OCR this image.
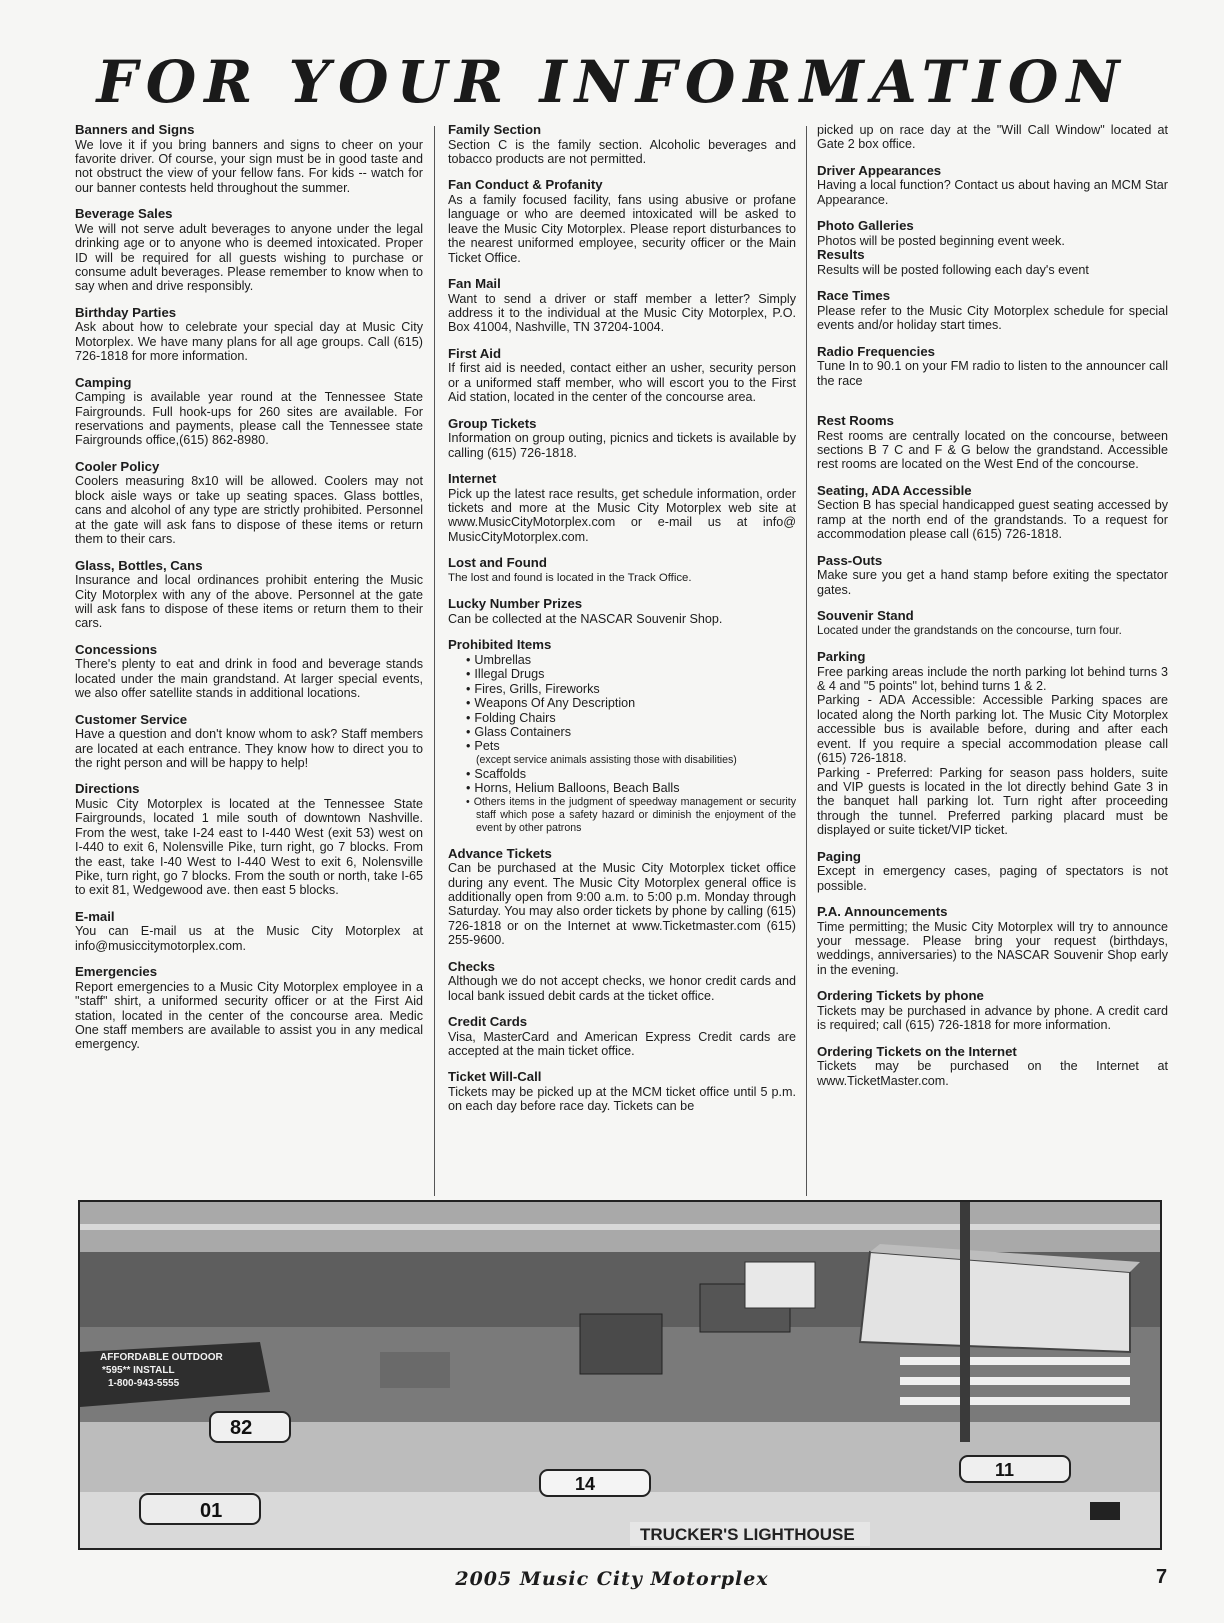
FOR YOUR INFORMATION
Banners and Signs

We love it if you bring banners and signs to cheer on your favorite driver. Of course, your sign must be in good taste and not obstruct the view of your fellow fans. For kids -- watch for our banner contests held throughout the summer.

Beverage Sales

We will not serve adult beverages to anyone under the legal drinking age or to anyone who is deemed intoxicated. Proper ID will be required for all guests wishing to purchase or consume adult beverages. Please remember to know when to say when and drive responsibly.

Birthday Parties

Ask about how to celebrate your special day at Music City Motorplex. We have many plans for all age groups. Call (615) 726-1818 for more information.

Camping

Camping is available year round at the Tennessee State Fairgrounds. Full hook-ups for 260 sites are available. For reservations and payments, please call the Tennessee state Fairgrounds office,(615) 862-8980.

Cooler Policy

Coolers measuring 8x10 will be allowed. Coolers may not block aisle ways or take up seating spaces. Glass bottles, cans and alcohol of any type are strictly prohibited. Personnel at the gate will ask fans to dispose of these items or return them to their cars.

Glass, Bottles, Cans

Insurance and local ordinances prohibit entering the Music City Motorplex with any of the above. Personnel at the gate will ask fans to dispose of these items or return them to their cars.

Concessions

There's plenty to eat and drink in food and beverage stands located under the main grandstand. At larger special events, we also offer satellite stands in additional locations.

Customer Service

Have a question and don't know whom to ask? Staff members are located at each entrance. They know how to direct you to the right person and will be happy to help!

Directions

Music City Motorplex is located at the Tennessee State Fairgrounds, located 1 mile south of downtown Nashville. From the west, take I-24 east to I-440 West (exit 53) west on I-440 to exit 6, Nolensville Pike, turn right, go 7 blocks. From the east, take I-40 West to I-440 West to exit 6, Nolensville Pike, turn right, go 7 blocks. From the south or north, take I-65 to exit 81, Wedgewood ave. then east 5 blocks.

E-mail

You can E-mail us at the Music City Motorplex at info@musiccitymotorplex.com.

Emergencies

Report emergencies to a Music City Motorplex employee in a "staff" shirt, a uniformed security officer or at the First Aid station, located in the center of the concourse area. Medic One staff members are available to assist you in any medical emergency.

Family Section

Section C is the family section. Alcoholic beverages and tobacco products are not permitted.

Fan Conduct & Profanity

As a family focused facility, fans using abusive or profane language or who are deemed intoxicated will be asked to leave the Music City Motorplex. Please report disturbances to the nearest uniformed employee, security officer or the Main Ticket Office.

Fan Mail

Want to send a driver or staff member a letter? Simply address it to the individual at the Music City Motorplex, P.O. Box 41004, Nashville, TN 37204-1004.

First Aid

If first aid is needed, contact either an usher, security person or a uniformed staff member, who will escort you to the First Aid station, located in the center of the concourse area.

Group Tickets

Information on group outing, picnics and tickets is available by calling (615) 726-1818.

Internet

Pick up the latest race results, get schedule information, order tickets and more at the Music City Motorplex web site at www.MusicCityMotorplex.com or e-mail us at info@ MusicCityMotorplex.com.

Lost and Found

The lost and found is located in the Track Office.

Lucky Number Prizes

Can be collected at the NASCAR Souvenir Shop.

Prohibited Items
• Umbrellas
• Illegal Drugs
• Fires, Grills, Fireworks
• Weapons Of Any Description
• Folding Chairs
• Glass Containers
• Pets
(except service animals assisting those with disabilities)
• Scaffolds
• Horns, Helium Balloons, Beach Balls
• Others items in the judgment of speedway management or security staff which pose a safety hazard or diminish the enjoyment of the event by other patrons
Advance Tickets

Can be purchased at the Music City Motorplex ticket office during any event. The Music City Motorplex general office is additionally open from 9:00 a.m. to 5:00 p.m. Monday through Saturday. You may also order tickets by phone by calling (615) 726-1818 or on the Internet at www.Ticketmaster.com (615) 255-9600.

Checks

Although we do not accept checks, we honor credit cards and local bank issued debit cards at the ticket office.

Credit Cards

Visa, MasterCard and American Express Credit cards are accepted at the main ticket office.

Ticket Will-Call

Tickets may be picked up at the MCM ticket office until 5 p.m. on each day before race day. Tickets can be

picked up on race day at the "Will Call Window" located at Gate 2 box office.

Driver Appearances

Having a local function? Contact us about having an MCM Star Appearance.

Photo Galleries

Photos will be posted beginning event week.

Results

Results will be posted following each day's event

Race Times

Please refer to the Music City Motorplex schedule for special events and/or holiday start times.

Radio Frequencies

Tune In to 90.1 on your FM radio to listen to the announcer call the race

Rest Rooms

Rest rooms are centrally located on the concourse, between sections B 7 C and F & G below the grandstand. Accessible rest rooms are located on the West End of the concourse.

Seating, ADA Accessible

Section B has special handicapped guest seating accessed by ramp at the north end of the grandstands. To a request for accommodation please call (615) 726-1818.

Pass-Outs

Make sure you get a hand stamp before exiting the spectator gates.

Souvenir Stand

Located under the grandstands on the concourse, turn four.

Parking

Free parking areas include the north parking lot behind turns 3 & 4 and "5 points" lot, behind turns 1 & 2.

Parking - ADA Accessible: Accessible Parking spaces are located along the North parking lot. The Music City Motorplex accessible bus is available before, during and after each event. If you require a special accommodation please call (615) 726-1818.

Parking - Preferred: Parking for season pass holders, suite and VIP guests is located in the lot directly behind Gate 3 in the banquet hall parking lot. Turn right after proceeding through the tunnel. Preferred parking placard must be displayed or suite ticket/VIP ticket.

Paging

Except in emergency cases, paging of spectators is not possible.

P.A. Announcements

Time permitting; the Music City Motorplex will try to announce your message. Please bring your request (birthdays, weddings, anniversaries) to the NASCAR Souvenir Shop early in the evening.

Ordering Tickets by phone

Tickets may be purchased in advance by phone. A credit card is required; call (615) 726-1818 for more information.

Ordering Tickets on the Internet

Tickets may be purchased on the Internet at www.TicketMaster.com.

AFFORDABLE OUTDOOR
*595** INSTALL
1-800-943-5555
82
14
01
11
TRUCKER'S LIGHTHOUSE
2005 Music City Motorplex	7
